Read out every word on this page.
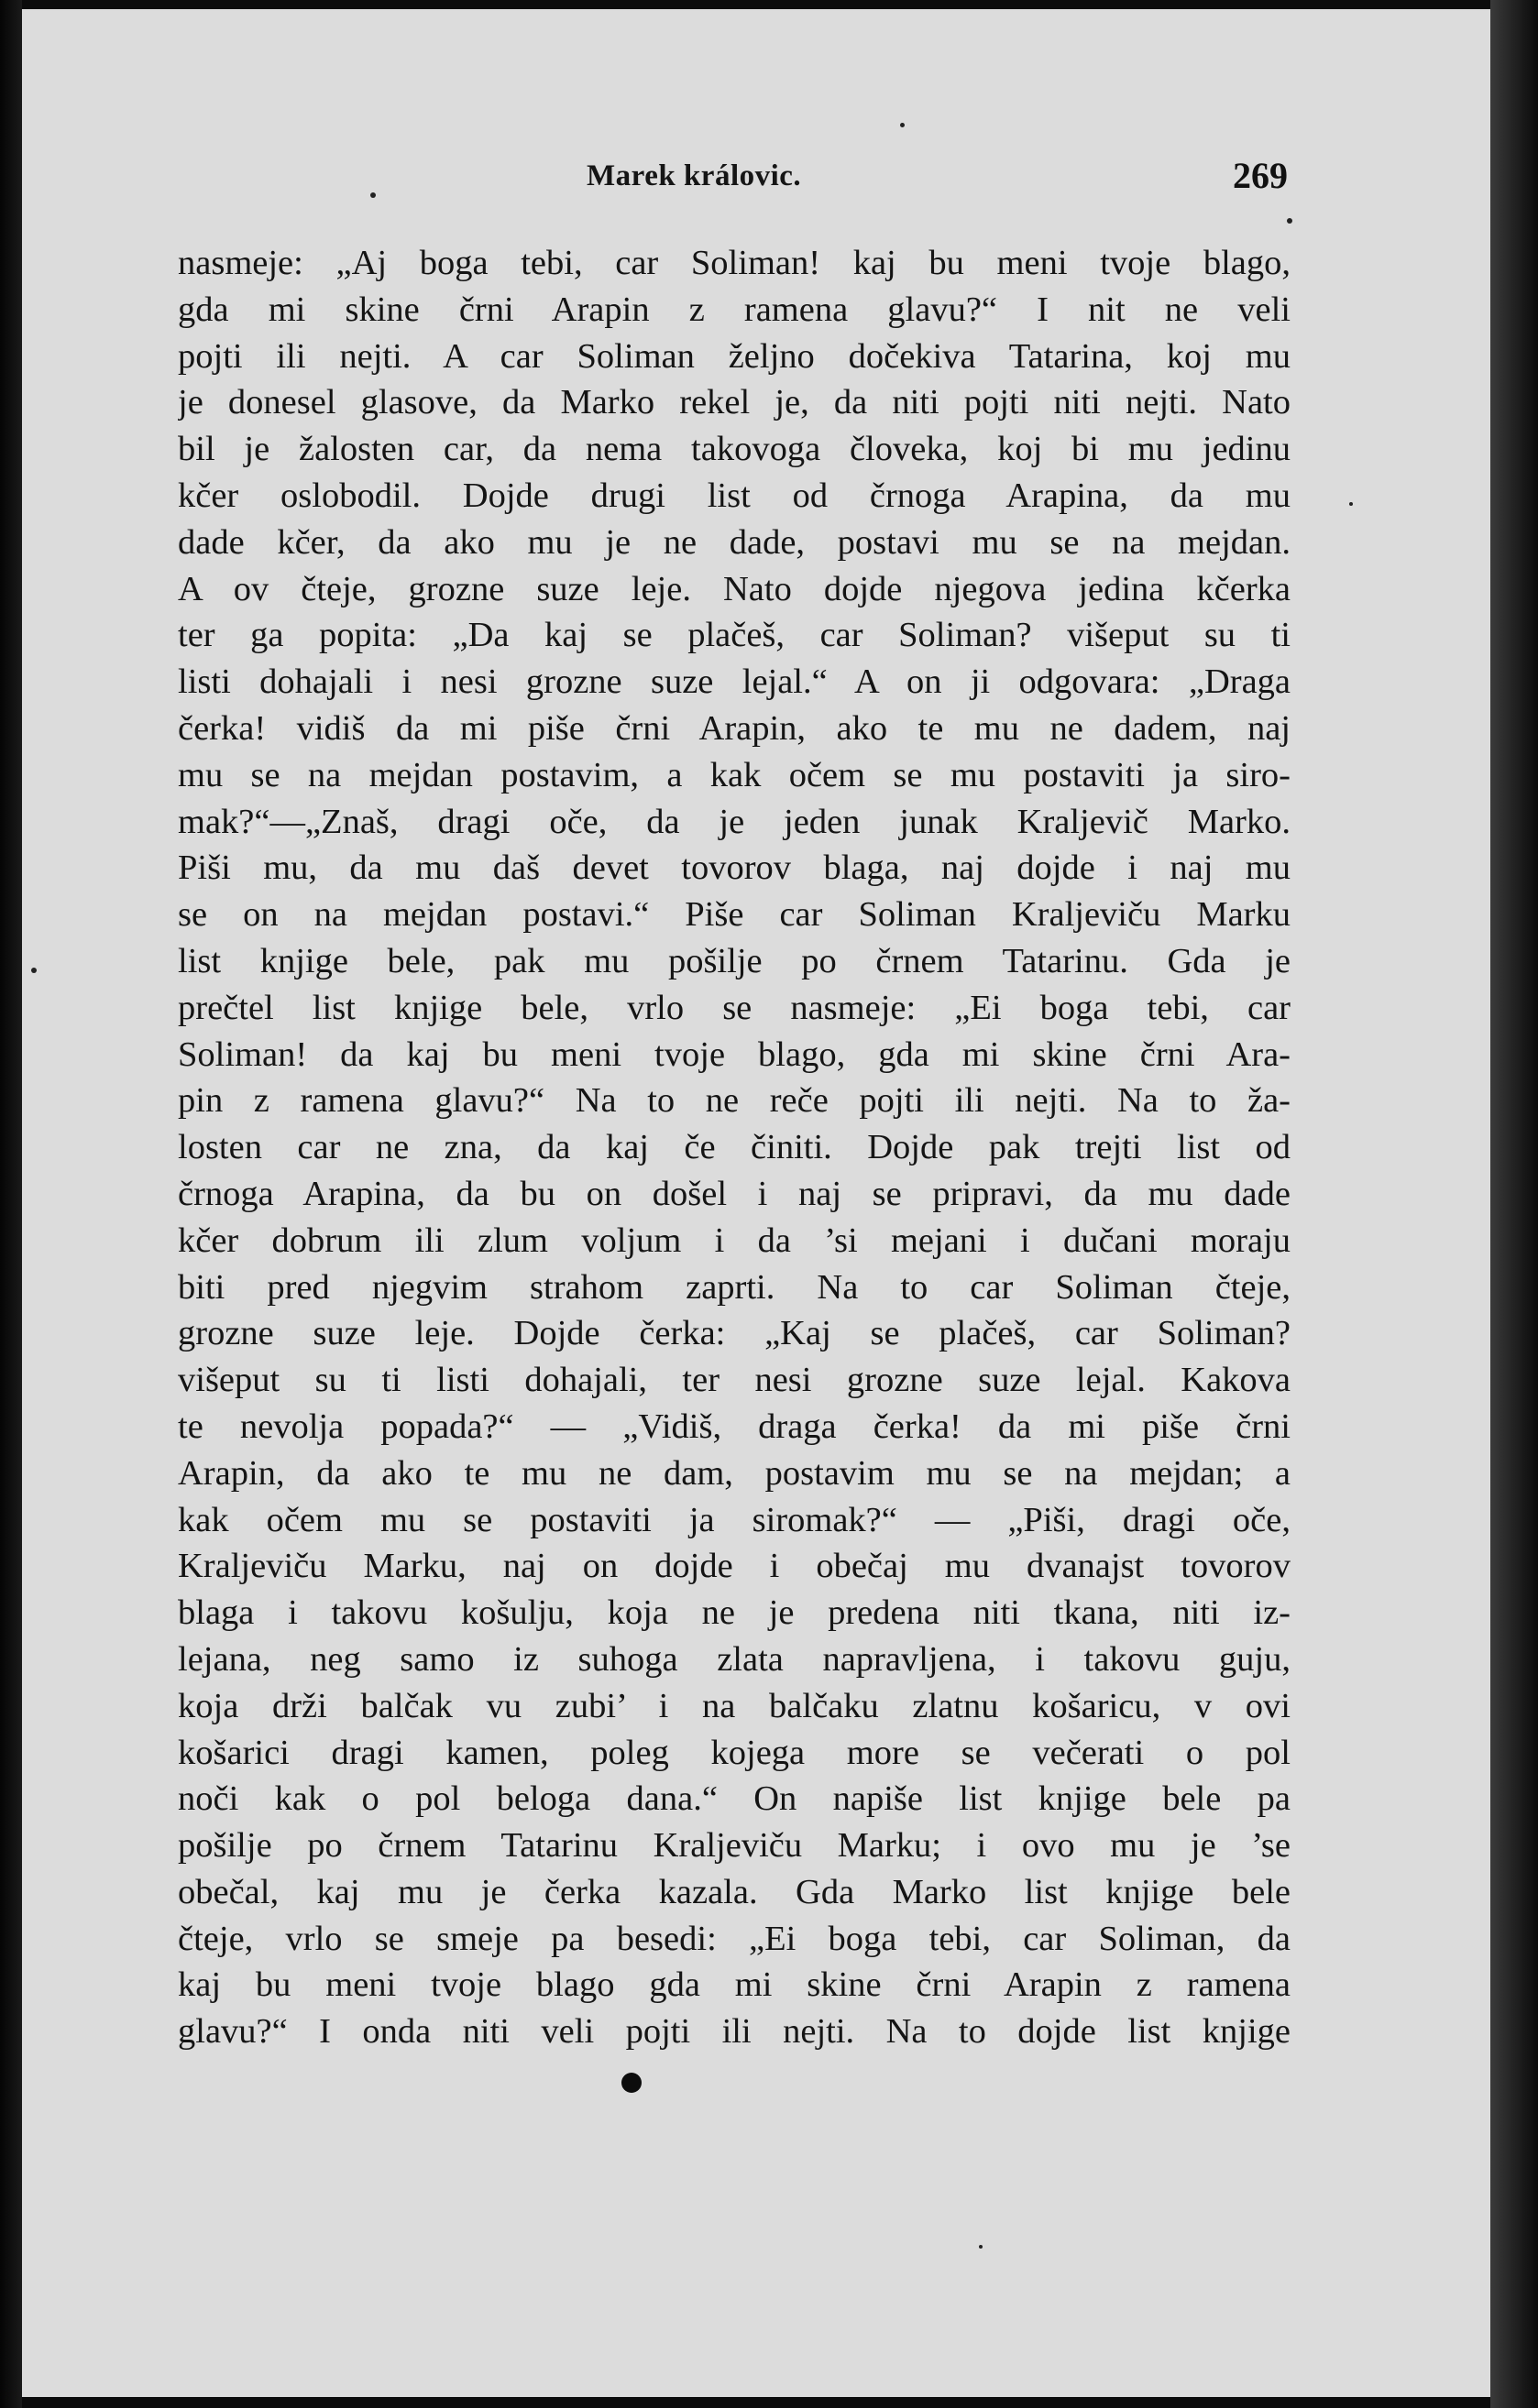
Marek královic.	269
nasmeje: „Aj boga tebi, car Soliman! kaj bu meni tvoje blago,
gda mi skine črni Arapin z ramena glavu?“ I nit ne veli
pojti ili nejti. A car Soliman željno dočekiva Tatarina, koj mu
je donesel glasove, da Marko rekel je, da niti pojti niti nejti. Nato
bil je žalosten car, da nema takovoga človeka, koj bi mu jedinu
kčer oslobodil. Dojde drugi list od črnoga Arapina, da mu
dade kčer, da ako mu je ne dade, postavi mu se na mejdan.
A ov čteje, grozne suze leje. Nato dojde njegova jedina kčerka
ter ga popita: „Da kaj se plačeš, car Soliman? višeput su ti
listi dohajali i nesi grozne suze lejal.“ A on ji odgovara: „Draga
čerka! vidiš da mi piše črni Arapin, ako te mu ne dadem, naj
mu se na mejdan postavim, a kak očem se mu postaviti ja siro-
mak?“—„Znaš, dragi oče, da je jeden junak Kraljevič Marko.
Piši mu, da mu daš devet tovorov blaga, naj dojde i naj mu
se on na mejdan postavi.“ Piše car Soliman Kraljeviču Marku
list knjige bele, pak mu pošilje po črnem Tatarinu. Gda je
prečtel list knjige bele, vrlo se nasmeje: „Ei boga tebi, car
Soliman! da kaj bu meni tvoje blago, gda mi skine črni Ara-
pin z ramena glavu?“ Na to ne reče pojti ili nejti. Na to ža-
losten car ne zna, da kaj če činiti. Dojde pak trejti list od
črnoga Arapina, da bu on došel i naj se pripravi, da mu dade
kčer dobrum ili zlum voljum i da ’si mejani i dučani moraju
biti pred njegvim strahom zaprti. Na to car Soliman čteje,
grozne suze leje. Dojde čerka: „Kaj se plačeš, car Soliman?
višeput su ti listi dohajali, ter nesi grozne suze lejal. Kakova
te nevolja popada?“ — „Vidiš, draga čerka! da mi piše črni
Arapin, da ako te mu ne dam, postavim mu se na mejdan; a
kak očem mu se postaviti ja siromak?“ — „Piši, dragi oče,
Kraljeviču Marku, naj on dojde i obečaj mu dvanajst tovorov
blaga i takovu košulju, koja ne je predena niti tkana, niti iz-
lejana, neg samo iz suhoga zlata napravljena, i takovu guju,
koja drži balčak vu zubi’ i na balčaku zlatnu košaricu, v ovi
košarici dragi kamen, poleg kojega more se večerati o pol
noči kak o pol beloga dana.“ On napiše list knjige bele pa
pošilje po črnem Tatarinu Kraljeviču Marku; i ovo mu je ’se
obečal, kaj mu je čerka kazala. Gda Marko list knjige bele
čteje, vrlo se smeje pa besedi: „Ei boga tebi, car Soliman, da
kaj bu meni tvoje blago gda mi skine črni Arapin z ramena
glavu?“ I onda niti veli pojti ili nejti. Na to dojde list knjige
